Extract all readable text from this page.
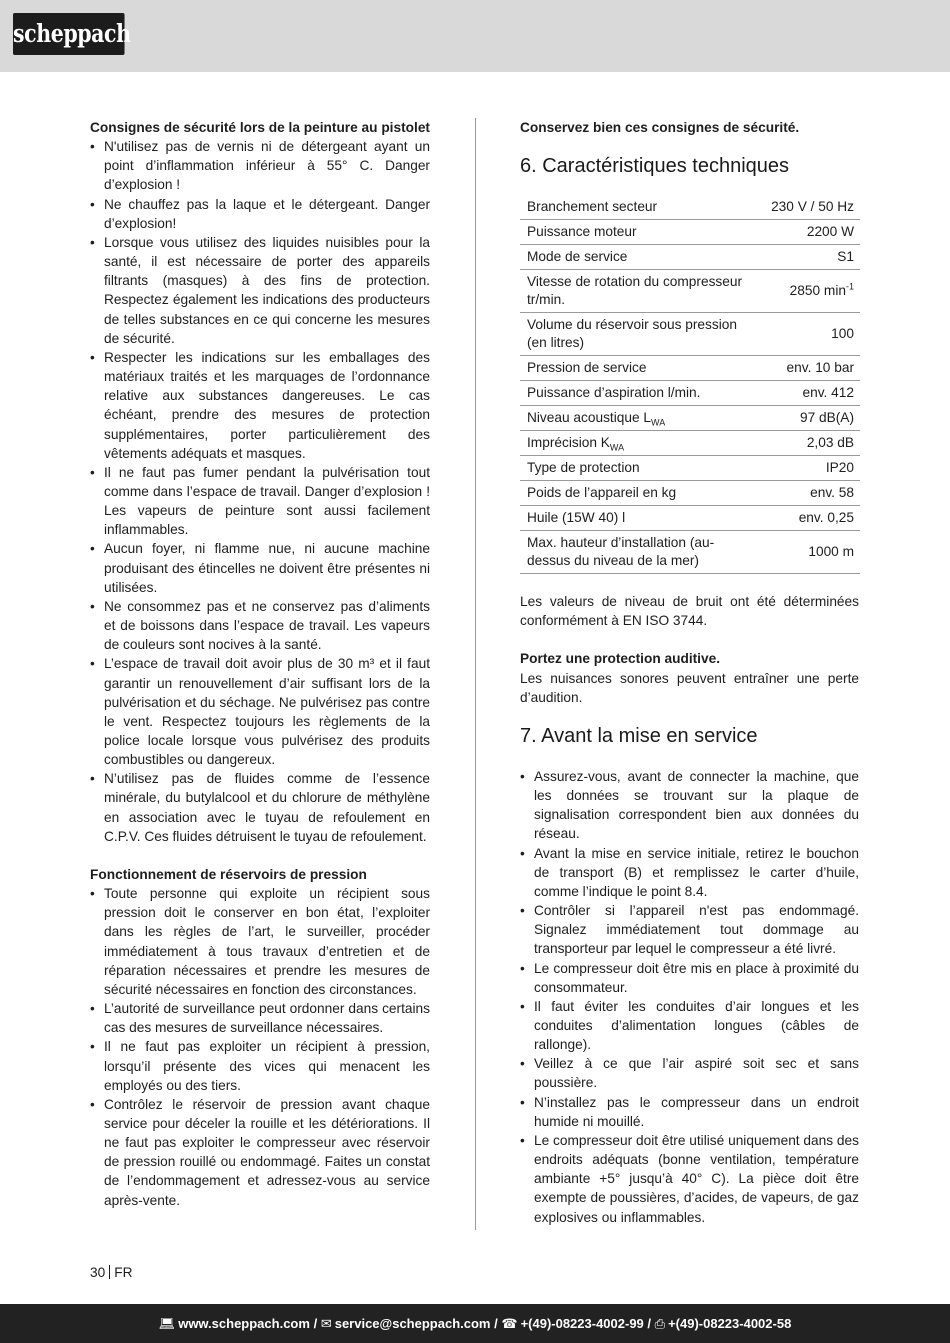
scheppach

Consignes de sécurité lors de la peinture au pistolet

• N'utilisez pas de vernis ni de détergeant ayant un point d’inflammation inférieur à 55° C. Danger d’explosion !
• Ne chauffez pas la laque et le détergeant. Danger d’explosion!
• Lorsque vous utilisez des liquides nuisibles pour la santé, il est nécessaire de porter des appareils filtrants (masques) à des fins de protection. Respectez également les indications des producteurs de telles substances en ce qui concerne les mesures de sécurité.
• Respecter les indications sur les emballages des matériaux traités et les marquages de l’ordonnance relative aux substances dangereuses. Le cas échéant, prendre des mesures de protection supplémentaires, porter particulièrement des vêtements adéquats et masques.
• Il ne faut pas fumer pendant la pulvérisation tout comme dans l’espace de travail. Danger d’explosion ! Les vapeurs de peinture sont aussi facilement inflammables.
• Aucun foyer, ni flamme nue, ni aucune machine produisant des étincelles ne doivent être présentes ni utilisées.
• Ne consommez pas et ne conservez pas d’aliments et de boissons dans l’espace de travail. Les vapeurs de couleurs sont nocives à la santé.
• L’espace de travail doit avoir plus de 30 m³ et il faut garantir un renouvellement d’air suffisant lors de la pulvérisation et du séchage. Ne pulvérisez pas contre le vent. Respectez toujours les règlements de la police locale lorsque vous pulvérisez des produits combustibles ou dangereux.
• N’utilisez pas de fluides comme de l’essence minérale, du butylalcool et du chlorure de méthylène en association avec le tuyau de refoulement en C.P.V. Ces fluides détruisent le tuyau de refoulement.

Fonctionnement de réservoirs de pression

• Toute personne qui exploite un récipient sous pression doit le conserver en bon état, l’exploiter dans les règles de l’art, le surveiller, procéder immédiatement à tous travaux d’entretien et de réparation nécessaires et prendre les mesures de sécurité nécessaires en fonction des circonstances.
• L’autorité de surveillance peut ordonner dans certains cas des mesures de surveillance nécessaires.
• Il ne faut pas exploiter un récipient à pression, lorsqu’il présente des vices qui menacent les employés ou des tiers.
• Contrôlez le réservoir de pression avant chaque service pour déceler la rouille et les détériorations. Il ne faut pas exploiter le compresseur avec réservoir de pression rouillé ou endommagé. Faites un constat de l’endommagement et adressez-vous au service après-vente.

Conservez bien ces consignes de sécurité.

6. Caractéristiques techniques
Branchement secteur	230 V / 50 Hz
Puissance moteur	2200 W
Mode de service	S1
Vitesse de rotation du compresseur tr/min.	2850 $\min^{-1}$
Volume du réservoir sous pression (en litres)	100
Pression de service	env. 10 bar
Puissance d’aspiration l/min.	env. 412
Niveau acoustique $L_{WA}$	97 dB(A)
Imprécision $K_{WA}$	2,03 dB
Type de protection	IP20
Poids de l’appareil en kg	env. 58
Huile (15W 40) l	env. 0,25
Max. hauteur d’installation (au-dessus du niveau de la mer)	1000 m

Les valeurs de niveau de bruit ont été déterminées conformément à EN ISO 3744.

Portez une protection auditive.

Les nuisances sonores peuvent entraîner une perte d’audition.

7. Avant la mise en service
• Assurez-vous, avant de connecter la machine, que les données se trouvant sur la plaque de signalisation correspondent bien aux données du réseau.
• Avant la mise en service initiale, retirez le bouchon de transport (B) et remplissez le carter d’huile, comme l’indique le point 8.4.
• Contrôler si l’appareil n'est pas endommagé. Signalez immédiatement tout dommage au transporteur par lequel le compresseur a été livré.
• Le compresseur doit être mis en place à proximité du consommateur.
• Il faut éviter les conduites d’air longues et les conduites d’alimentation longues (câbles de rallonge).
• Veillez à ce que l’air aspiré soit sec et sans poussière.
• N’installez pas le compresseur dans un endroit humide ni mouillé.
• Le compresseur doit être utilisé uniquement dans des endroits adéquats (bonne ventilation, température ambiante +5° jusqu’à 40° C). La pièce doit être exempte de poussières, d’acides, de vapeurs, de gaz explosives ou inflammables.
30 FR
💻︎ www.scheppach.com / ✉ service@scheppach.com / ☎ +(49)-08223-4002-99 / ⎙ +(49)-08223-4002-58
